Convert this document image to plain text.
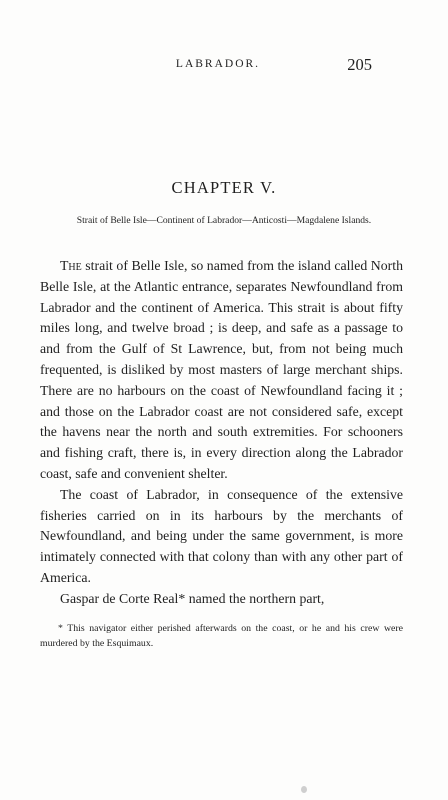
LABRADOR.	205
CHAPTER V.
Strait of Belle Isle—Continent of Labrador—Anticosti—Magdalene Islands.

The strait of Belle Isle, so named from the island called North Belle Isle, at the Atlantic entrance, separates Newfoundland from Labrador and the continent of America. This strait is about fifty miles long, and twelve broad ; is deep, and safe as a passage to and from the Gulf of St Lawrence, but, from not being much frequented, is disliked by most masters of large merchant ships. There are no harbours on the coast of Newfoundland facing it ; and those on the Labrador coast are not considered safe, except the havens near the north and south extremities. For schooners and fishing craft, there is, in every direction along the Labrador coast, safe and convenient shelter.

The coast of Labrador, in consequence of the extensive fisheries carried on in its harbours by the merchants of Newfoundland, and being under the same government, is more intimately connected with that colony than with any other part of America.

Gaspar de Corte Real* named the northern part,

* This navigator either perished afterwards on the coast, or he and his crew were murdered by the Esquimaux.
